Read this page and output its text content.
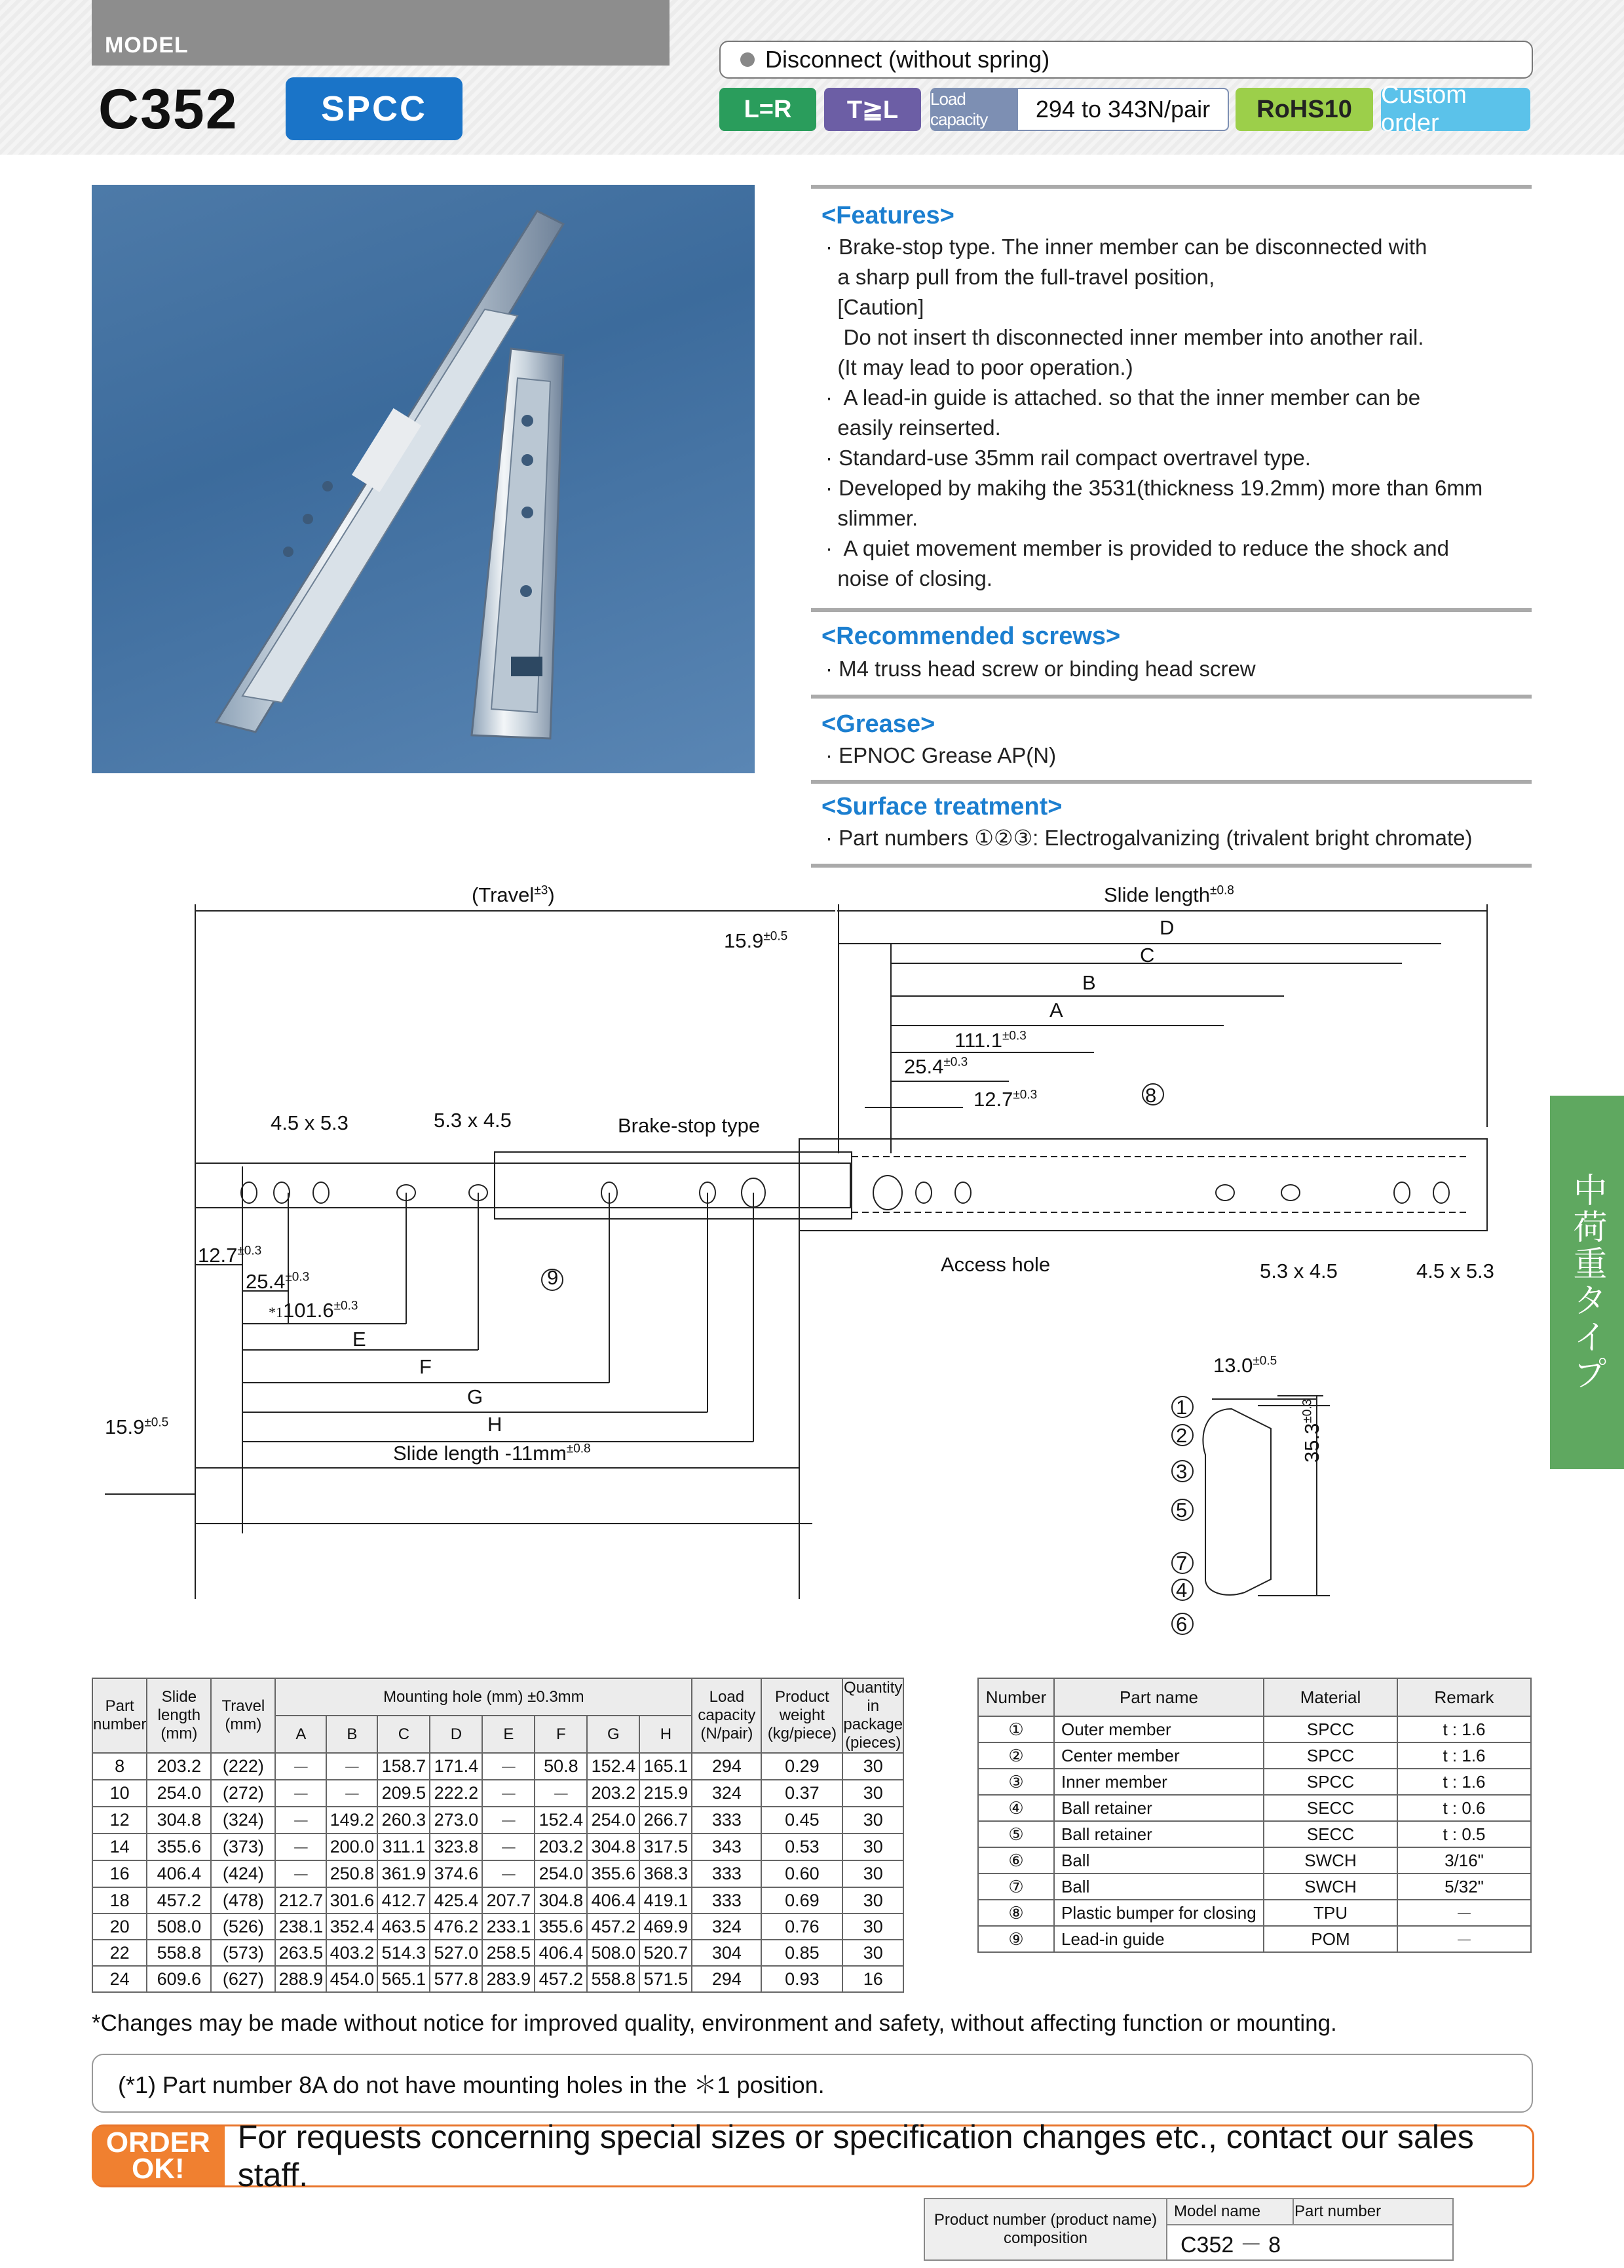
MODEL
C352	SPCC
Disconnect (without spring)
L=R	T≧L	Load capacity	294 to 343N/pair	RoHS10
Custom order
<Features>
· Brake-stop type. The inner member can be disconnected with
a sharp pull from the full-travel position,
[Caution]
Do not insert th disconnected inner member into another rail.
(It may lead to poor operation.)
·  A lead-in guide is attached. so that the inner member can be
easily reinserted.
· Standard-use 35mm rail compact overtravel type.
· Developed by makihg the 3531(thickness 19.2mm) more than 6mm
slimmer.
·  A quiet movement member is provided to reduce the shock and
noise of closing.
<Recommended screws>
· M4 truss head screw or binding head screw
<Grease>
· EPNOC Grease AP(N)
<Surface treatment>
· Part numbers ①②③: Electrogalvanizing (trivalent bright chromate)
(Travel$^{\pm 3}$)	Slide length$^{\pm 0.8}$
$15.9^{\pm 0.5}$	D
C
B
A
$111.1^{\pm 0.3}$
$25.4^{\pm 0.3}$
$12.7^{\pm 0.3}$	8
4.5 x 5.3	5.3 x 4.5	Brake-stop type
Access hole	5.3 x 4.5	4.5 x 5.3
9
$12.7^{\pm 0.3}$
$25.4^{\pm 0.3}$
$*1101.6^{\pm 0.3}$
E
F
G
H
$15.9^{\pm 0.5}$
Slide length $-11mm^{\pm 0.8}$
$13.0^{\pm 0.5}$
$35.3^{\pm 0.3}$
1
2
3
5
7
4
6
中荷重タイプ
Part number	Slide length (mm)	Travel (mm)	Mounting hole (mm) ±0.3mm								Load capacity (N/pair)	Product weight (kg/piece)	Quantity in package (pieces)
			A	B	C	D	E	F	G	H			
8	203.2	(222)	－	－	158.7	171.4	－	50.8	152.4	165.1	294	0.29	30
10	254.0	(272)	－	－	209.5	222.2	－	－	203.2	215.9	324	0.37	30
12	304.8	(324)	－	149.2	260.3	273.0	－	152.4	254.0	266.7	333	0.45	30
14	355.6	(373)	－	200.0	311.1	323.8	－	203.2	304.8	317.5	343	0.53	30
16	406.4	(424)	－	250.8	361.9	374.6	－	254.0	355.6	368.3	333	0.60	30
18	457.2	(478)	212.7	301.6	412.7	425.4	207.7	304.8	406.4	419.1	333	0.69	30
20	508.0	(526)	238.1	352.4	463.5	476.2	233.1	355.6	457.2	469.9	324	0.76	30
22	558.8	(573)	263.5	403.2	514.3	527.0	258.5	406.4	508.0	520.7	304	0.85	30
24	609.6	(627)	288.9	454.0	565.1	577.8	283.9	457.2	558.8	571.5	294	0.93	16
Number	Part name	Material	Remark
①	Outer member	SPCC	t : 1.6
②	Center member	SPCC	t : 1.6
③	Inner member	SPCC	t : 1.6
④	Ball retainer	SECC	t : 0.6
⑤	Ball retainer	SECC	t : 0.5
⑥	Ball	SWCH	3/16"
⑦	Ball	SWCH	5/32"
⑧	Plastic bumper for closing	TPU	－
⑨	Lead-in guide	POM	－
*Changes may be made without notice for improved quality, environment and safety, without affecting function or mounting.
(*1) Part number 8A do not have mounting holes in the ＊1 position.
ORDER
OK!
For requests concerning special sizes or specification changes etc., contact our sales staff.
Product number (product name) composition	Model name	Part number
C352 － 8
